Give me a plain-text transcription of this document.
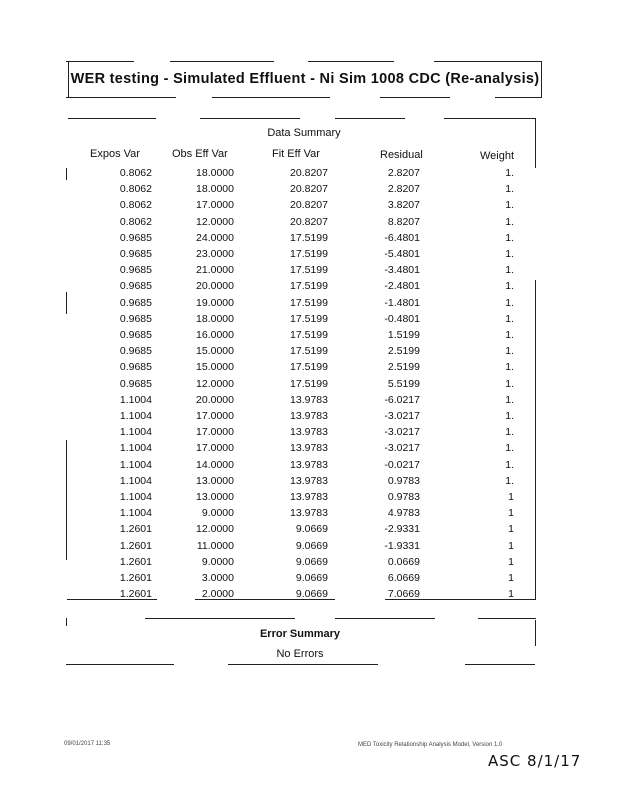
WER testing - Simulated Effluent - Ni Sim 1008 CDC (Re-analysis)
Data Summary
Expos Var	Obs Eff Var	Fit Eff Var	Residual	Weight
0.8062	18.0000	20.8207	2.8207	1.
0.8062	18.0000	20.8207	2.8207	1.
0.8062	17.0000	20.8207	3.8207	1.
0.8062	12.0000	20.8207	8.8207	1.
0.9685	24.0000	17.5199	-6.4801	1.
0.9685	23.0000	17.5199	-5.4801	1.
0.9685	21.0000	17.5199	-3.4801	1.
0.9685	20.0000	17.5199	-2.4801	1.
0.9685	19.0000	17.5199	-1.4801	1.
0.9685	18.0000	17.5199	-0.4801	1.
0.9685	16.0000	17.5199	1.5199	1.
0.9685	15.0000	17.5199	2.5199	1.
0.9685	15.0000	17.5199	2.5199	1.
0.9685	12.0000	17.5199	5.5199	1.
1.1004	20.0000	13.9783	-6.0217	1.
1.1004	17.0000	13.9783	-3.0217	1.
1.1004	17.0000	13.9783	-3.0217	1.
1.1004	17.0000	13.9783	-3.0217	1.
1.1004	14.0000	13.9783	-0.0217	1.
1.1004	13.0000	13.9783	0.9783	1.
1.1004	13.0000	13.9783	0.9783	1
1.1004	9.0000	13.9783	4.9783	1
1.2601	12.0000	9.0669	-2.9331	1
1.2601	11.0000	9.0669	-1.9331	1
1.2601	9.0000	9.0669	0.0669	1
1.2601	3.0000	9.0669	6.0669	1
1.2601	2.0000	9.0669	7.0669	1
Error Summary
No Errors
09/01/2017 11:35	MED Toxicity Relationship Analysis Model, Version 1.0
ASC 8/1/17
